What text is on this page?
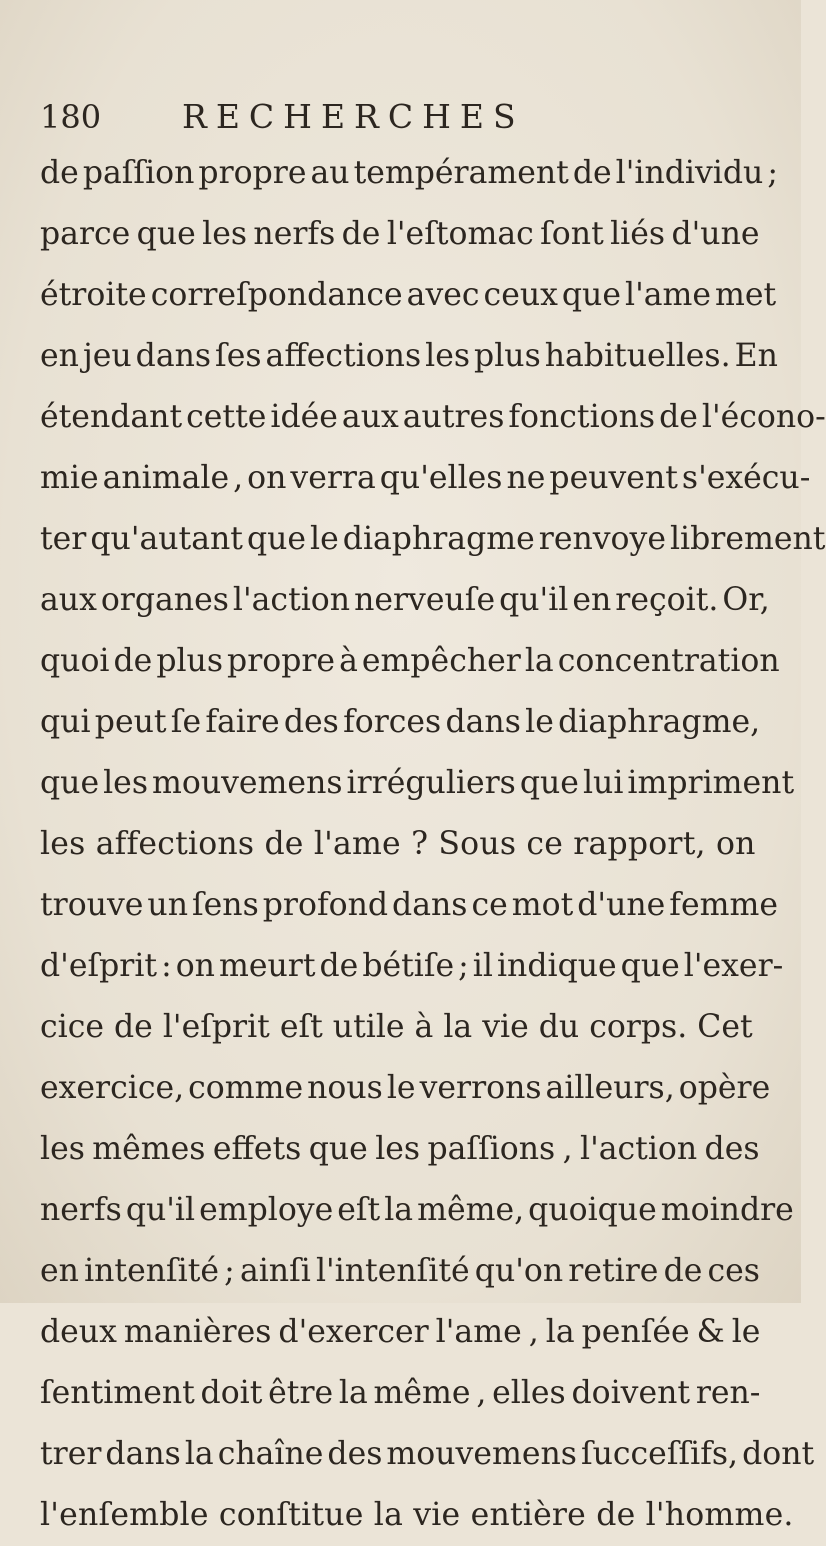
180 RECHERCHES
de paſſion propre au tempérament de l'individu ;
parce que les nerfs de l'eſtomac ſont liés d'une
étroite correſpondance avec ceux que l'ame met
en jeu dans ſes affections les plus habituelles. En
étendant cette idée aux autres fonctions de l'écono-
mie animale , on verra qu'elles ne peuvent s'exécu-
ter qu'autant que le diaphragme renvoye librement
aux organes l'action nerveuſe qu'il en reçoit. Or,
quoi de plus propre à empêcher la concentration
qui peut ſe faire des forces dans le diaphragme,
que les mouvemens irréguliers que lui impriment
les affections de l'ame ? Sous ce rapport, on
trouve un ſens profond dans ce mot d'une femme
d'eſprit : on meurt de bétiſe ; il indique que l'exer-
cice de l'eſprit eſt utile à la vie du corps. Cet
exercice, comme nous le verrons ailleurs, opère
les mêmes effets que les paſſions , l'action des
nerfs qu'il employe eſt la même, quoique moindre
en intenſité ; ainſi l'intenſité qu'on retire de ces
deux manières d'exercer l'ame , la penſée & le
ſentiment doit être la même , elles doivent ren-
trer dans la chaîne des mouvemens ſucceſſifs, dont
l'enſemble conſtitue la vie entière de l'homme.
